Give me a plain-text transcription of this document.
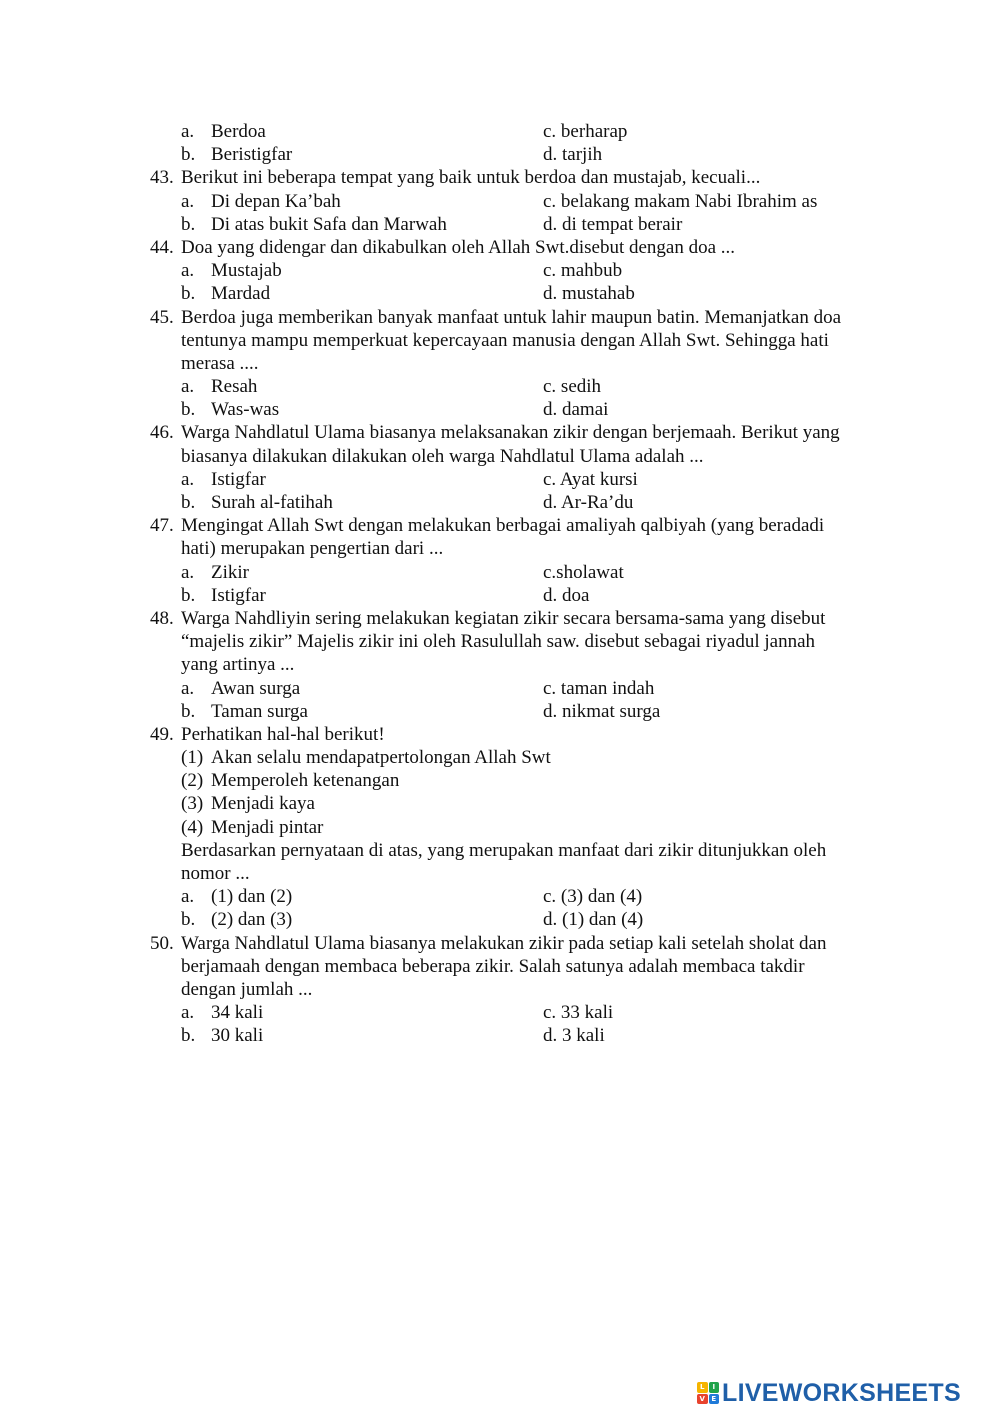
a. Berdoa	c. berharap
b. Beristigfar	d. tarjih
43. Berikut ini beberapa tempat yang baik untuk berdoa dan mustajab, kecuali...
a. Di depan Ka’bah	c. belakang makam Nabi Ibrahim as
b. Di atas bukit Safa dan Marwah	d. di tempat berair
44. Doa yang didengar dan dikabulkan oleh Allah Swt.disebut dengan doa ...
a. Mustajab	c. mahbub
b. Mardad	d. mustahab
45. Berdoa juga memberikan banyak manfaat untuk lahir maupun batin. Memanjatkan doa
tentunya mampu memperkuat kepercayaan manusia dengan Allah Swt. Sehingga hati
merasa ....
a. Resah	c. sedih
b. Was-was	d. damai
46. Warga Nahdlatul Ulama biasanya melaksanakan zikir dengan berjemaah. Berikut yang
biasanya dilakukan dilakukan oleh warga Nahdlatul Ulama adalah ...
a. Istigfar	c. Ayat kursi
b. Surah al-fatihah	d. Ar-Ra’du
47. Mengingat Allah Swt dengan melakukan berbagai amaliyah qalbiyah (yang beradadi
hati) merupakan pengertian dari ...
a. Zikir	c.sholawat
b. Istigfar	d. doa
48. Warga Nahdliyin sering melakukan kegiatan zikir secara bersama-sama yang disebut
“majelis zikir” Majelis zikir ini oleh Rasulullah saw. disebut sebagai riyadul jannah
yang artinya ...
a. Awan surga	c. taman indah
b. Taman surga	d. nikmat surga
49. Perhatikan hal-hal berikut!
(1) Akan selalu mendapatpertolongan Allah Swt
(2) Memperoleh ketenangan
(3) Menjadi kaya
(4) Menjadi pintar
Berdasarkan pernyataan di atas, yang merupakan manfaat dari zikir ditunjukkan oleh
nomor ...
a. (1) dan (2)	c. (3) dan (4)
b. (2) dan (3)	d. (1) dan (4)
50. Warga Nahdlatul Ulama biasanya melakukan zikir pada setiap kali setelah sholat dan
berjamaah dengan membaca beberapa zikir. Salah satunya adalah membaca takdir
dengan jumlah ...
a. 34 kali	c. 33 kali
b. 30 kali	d. 3 kali
L	I
V E LIVEWORKSHEETS
